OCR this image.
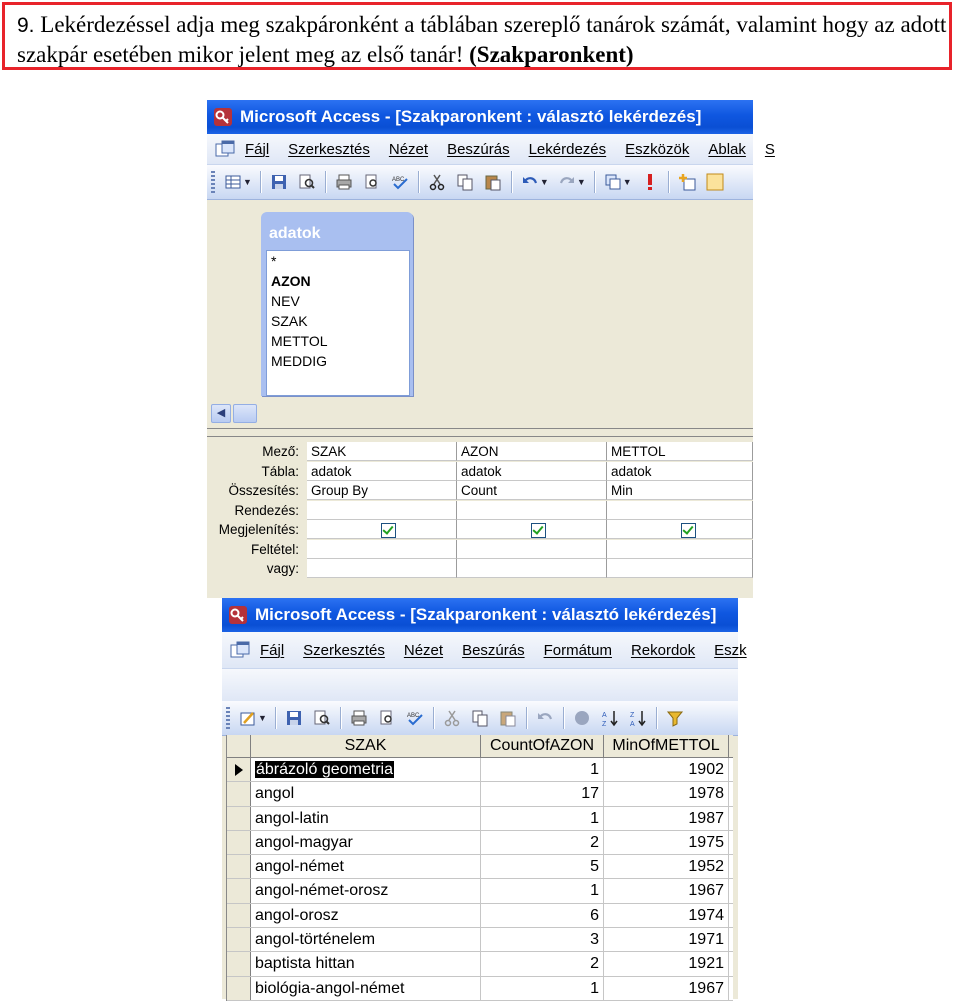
9. Lekérdezéssel adja meg szakpáronként a táblában szereplő tanárok számát, valamint hogy az adott szakpár esetében mikor jelent meg az első tanár! (Szakparonkent)
Microsoft Access - [Szakparonkent : választó lekérdezés]
Fájl Szerkesztés Nézet Beszúrás Lekérdezés Eszközök Ablak S
▼	ABC	▼	▼	▼
adatok
*
AZON
NEV
SZAK
METTOL
MEDDIG
◀
Mező: SZAK	AZON	METTOL
Tábla: adatok	adatok	adatok
Összesítés: Group By	Count	Min
Rendezés:
Megjelenítés:
Feltétel:
vagy:
Microsoft Access - [Szakparonkent : választó lekérdezés]
Fájl Szerkesztés Nézet Beszúrás Formátum Rekordok Eszk
▼	ABC	A
Z
Z
A
SZAK	CountOfAZON	MinOfMETTOL
ábrázoló geometria	1	1902
angol	17	1978
angol-latin	1	1987
angol-magyar	2	1975
angol-német	5	1952
angol-német-orosz	1	1967
angol-orosz	6	1974
angol-történelem	3	1971
baptista hittan	2	1921
biológia-angol-német	1	1967
